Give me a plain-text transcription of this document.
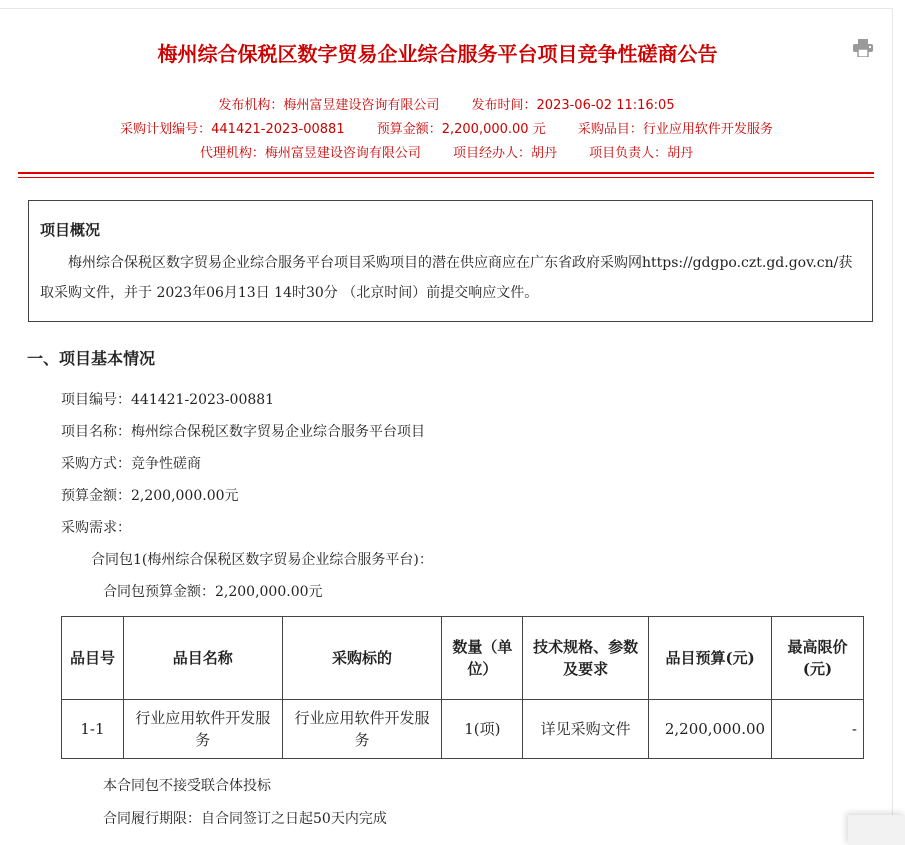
梅州综合保税区数字贸易企业综合服务平台项目竞争性磋商公告
发布机构：梅州富昱建设咨询有限公司 发布时间：2023-06-02 11:16:05
采购计划编号：441421-2023-00881 预算金额：2,200,000.00 元 采购品目：行业应用软件开发服务
代理机构：梅州富昱建设咨询有限公司 项目经办人：胡丹 项目负责人：胡丹
项目概况

梅州综合保税区数字贸易企业综合服务平台项目采购项目的潜在供应商应在广东省政府采购网https://gdgpo.czt.gd.gov.cn/获取采购文件，并于 2023年06月13日 14时30分 （北京时间）前提交响应文件。

一、项目基本情况
项目编号：441421-2023-00881
项目名称：梅州综合保税区数字贸易企业综合服务平台项目
采购方式：竞争性磋商
预算金额：2,200,000.00元
采购需求：
合同包1(梅州综合保税区数字贸易企业综合服务平台)：
合同包预算金额：2,200,000.00元
品目号	品目名称	采购标的	数量（单位）	技术规格、参数及要求	品目预算(元)	最高限价(元)
1-1	行业应用软件开发服务	行业应用软件开发服务	1(项)	详见采购文件	2,200,000.00	-
本合同包不接受联合体投标
合同履行期限：自合同签订之日起50天内完成
